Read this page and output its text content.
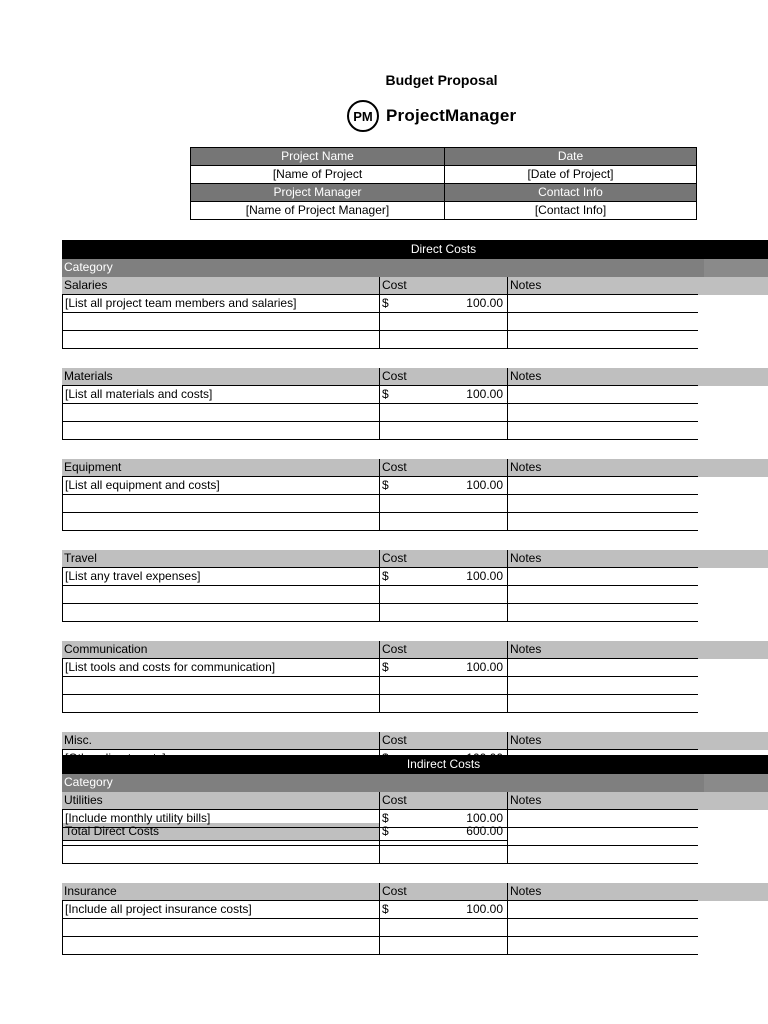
Budget Proposal
PM ProjectManager
Project Name	Date
[Name of Project	[Date of Project]
Project Manager	Contact Info
[Name of Project Manager]	[Contact Info]
Direct Costs
Category
Salaries	Cost	Notes
[List all project team members and salaries]	$	100.00
Materials	Cost	Notes
[List all materials and costs]	$	100.00
Equipment	Cost	Notes
[List all equipment and costs]	$	100.00
Travel	Cost	Notes
[List any travel expenses]	$	100.00
Communication	Cost	Notes
[List tools and costs for communication]	$	100.00
Misc.	Cost	Notes
Total Direct Costs	$	600.00
Indirect Costs
Category
Utilities	Cost	Notes
[Include monthly utility bills]	$	100.00
Insurance	Cost	Notes
[Include all project insurance costs]	$	100.00
